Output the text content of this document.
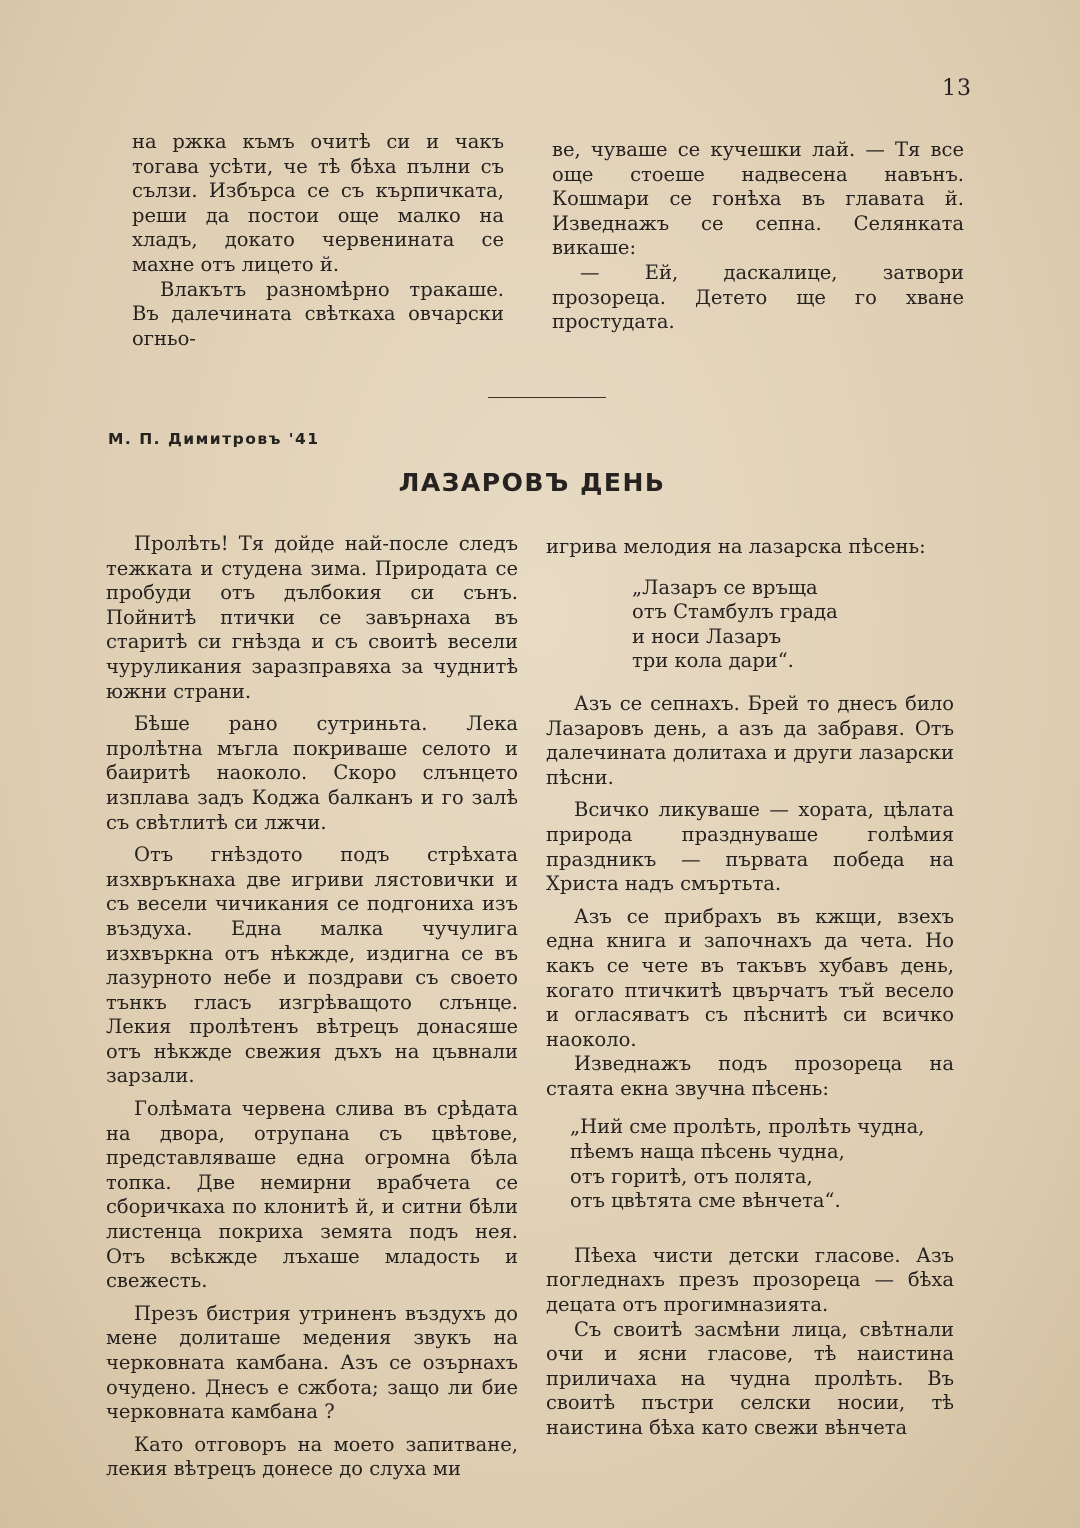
13

на ржка къмъ очитѣ си и чакъ тогава усѣти, че тѣ бѣха пълни съ сълзи. Избърса се съ кърпичката, реши да постои още малко на хладъ, докато червенината се махне отъ лицето й.

Влакътъ разномѣрно тракаше. Въ далечината свѣткаха овчарски огньо-

ве, чуваше се кучешки лай. — Тя все още стоеше надвесена навънъ. Кошмари се гонѣха въ главата й. Изведнажъ се сепна. Селянката викаше:

— Ей, даскалице, затвори прозореца. Детето ще го хване простудата.

М. П. Димитровъ '41
ЛАЗАРОВЪ ДЕНЬ

Пролѣть! Тя дойде най-после следъ тежката и студена зима. Природата се пробуди отъ дълбокия си сънъ. Пойнитѣ птички се завърнаха въ старитѣ си гнѣзда и съ своитѣ весели чуруликания заразправяха за чуднитѣ южни страни.

Бѣше рано сутриньта. Лека пролѣтна мъгла покриваше селото и баиритѣ наоколо. Скоро слънцето изплава задъ Коджа балканъ и го залѣ съ свѣтлитѣ си лжчи.

Отъ гнѣздото подъ стрѣхата изхвръкнаха две игриви лястовички и съ весели чичикания се подгониха изъ въздуха. Една малка чучулига изхвъркна отъ нѣкжде, издигна се въ лазурното небе и поздрави съ своето тънкъ гласъ изгрѣващото слънце. Лекия пролѣтенъ вѣтрецъ донасяше отъ нѣкжде свежия дъхъ на цъвнали зарзали.

Голѣмата червена слива въ срѣдата на двора, отрупана съ цвѣтове, представляваше една огромна бѣла топка. Две немирни врабчета се сборичкаха по клонитѣ й, и ситни бѣли листенца покриха земята подъ нея. Отъ всѣкжде лъхаше младость и свежесть.

Презъ бистрия утриненъ въздухъ до мене долиташе медения звукъ на черковната камбана. Азъ се озърнахъ очудено. Днесъ е сжбота; защо ли бие черковната камбана ?

Като отговоръ на моето запитване, лекия вѣтрецъ донесе до слуха ми

игрива мелодия на лазарска пѣсень:

„Лазаръ се връща
отъ Стамбулъ града
и носи Лазаръ
три кола дари“.

Азъ се сепнахъ. Брей то днесъ било Лазаровъ день, а азъ да забравя. Отъ далечината долитаха и други лазарски пѣсни.

Всичко ликуваше — хората, цѣлата природа празднуваше голѣмия праздникъ — първата победа на Христа надъ смъртьта.

Азъ се прибрахъ въ кжщи, взехъ една книга и започнахъ да чета. Но какъ се чете въ такъвъ хубавъ день, когато птичкитѣ цвърчатъ тъй весело и огласяватъ съ пѣснитѣ си всичко наоколо.

Изведнажъ подъ прозореца на стаята екна звучна пѣсень:

„Ний сме пролѣть, пролѣть чудна,
пѣемъ наща пѣсень чудна,
отъ горитѣ, отъ полята,
отъ цвѣтята сме вѣнчета“.

Пѣеха чисти детски гласове. Азъ погледнахъ презъ прозореца — бѣха децата отъ прогимназията.

Съ своитѣ засмѣни лица, свѣтнали очи и ясни гласове, тѣ наистина приличаха на чудна пролѣть. Въ своитѣ пъстри селски носии, тѣ наистина бѣха като свежи вѣнчета
